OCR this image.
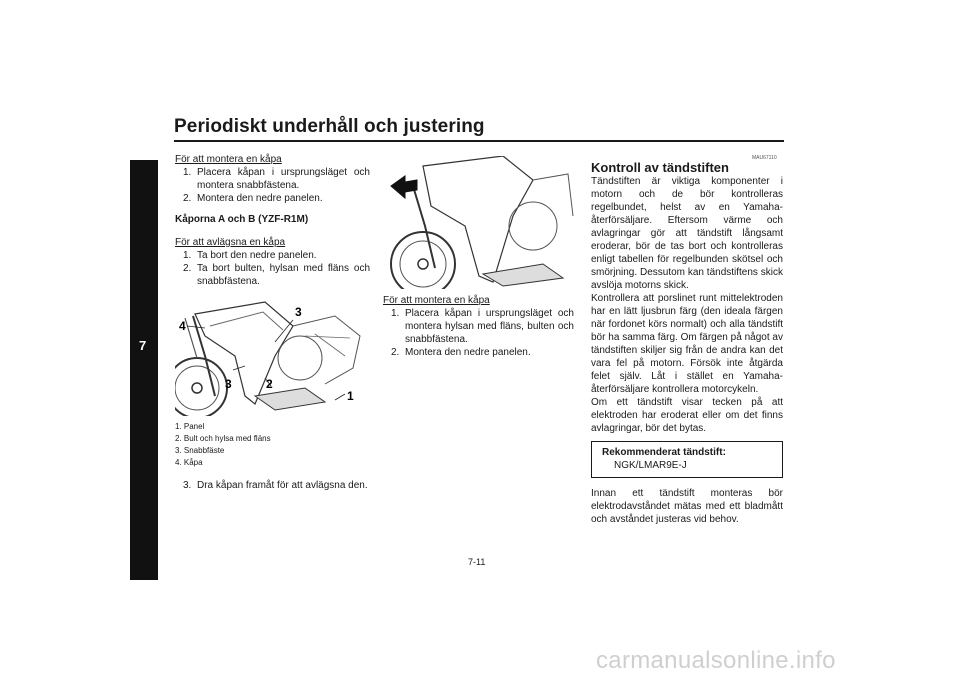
Periodiskt underhåll och justering
7

För att montera en kåpa

1. Placera kåpan i ursprungsläget och montera snabbfästena.
2. Montera den nedre panelen.

Kåporna A och B (YZF-R1M)

För att avlägsna en kåpa

1. Ta bort den nedre panelen.
2. Ta bort bulten, hylsan med fläns och snabbfästena.
4
3
3	2
1

1. Panel

2. Bult och hylsa med fläns

3. Snabbfäste

4. Kåpa

3. Dra kåpan framåt för att avlägsna den.

För att montera en kåpa

1. Placera kåpan i ursprungsläget och montera hylsan med fläns, bulten och snabbfästena.
2. Montera den nedre panelen.
MAU67110
Kontroll av tändstiften

Tändstiften är viktiga komponenter i motorn och de bör kontrolleras regelbundet, helst av en Yamaha-återförsäljare. Eftersom värme och avlagringar gör att tändstift långsamt eroderar, bör de tas bort och kontrolleras enligt tabellen för regelbunden skötsel och smörjning. Dessutom kan tändstiftens skick avslöja motorns skick.

Kontrollera att porslinet runt mittelektroden har en lätt ljusbrun färg (den ideala färgen när fordonet körs normalt) och alla tändstift bör ha samma färg. Om färgen på något av tändstiften skiljer sig från de andra kan det vara fel på motorn. Försök inte åtgärda felet själv. Låt i stället en Yamaha-återförsäljare kontrollera motorcykeln.

Om ett tändstift visar tecken på att elektroden har eroderat eller om det finns avlagringar, bör det bytas.

Rekommenderat tändstift:

NGK/LMAR9E-J

Innan ett tändstift monteras bör elektrodavståndet mätas med ett bladmått och avståndet justeras vid behov.

7-11
carmanualsonline.info
